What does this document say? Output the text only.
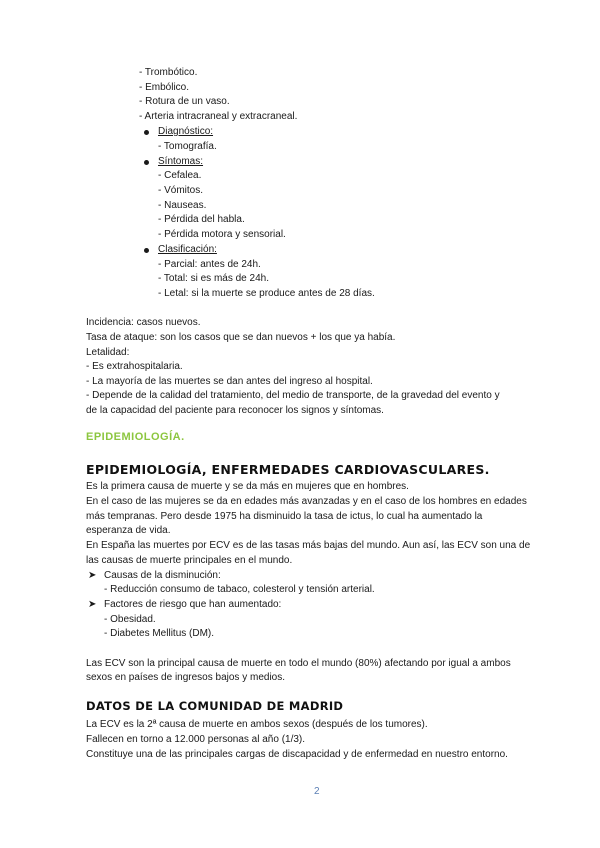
- Trombótico.
- Embólico.
- Rotura de un vaso.
- Arteria intracraneal y extracraneal.
Diagnóstico:
- Tomografía.
Síntomas:
- Cefalea.
- Vómitos.
- Nauseas.
- Pérdida del habla.
- Pérdida motora y sensorial.
Clasificación:
- Parcial: antes de 24h.
- Total: si es más de 24h.
- Letal: si la muerte se produce antes de 28 días.
Incidencia: casos nuevos.
Tasa de ataque: son los casos que se dan nuevos + los que ya había.
Letalidad:
- Es extrahospitalaria.
- La mayoría de las muertes se dan antes del ingreso al hospital.
- Depende de la calidad del tratamiento, del medio de transporte, de la gravedad del evento y
de la capacidad del paciente para reconocer los signos y síntomas.
EPIDEMIOLOGÍA.
EPIDEMIOLOGÍA, ENFERMEDADES CARDIOVASCULARES.
Es la primera causa de muerte y se da más en mujeres que en hombres.
En el caso de las mujeres se da en edades más avanzadas y en el caso de los hombres en edades
más tempranas. Pero desde 1975 ha disminuido la tasa de ictus, lo cual ha aumentado la
esperanza de vida.
En España las muertes por ECV es de las tasas más bajas del mundo. Aun así, las ECV son una de
las causas de muerte principales en el mundo.
➤ Causas de la disminución:
- Reducción consumo de tabaco, colesterol y tensión arterial.
➤ Factores de riesgo que han aumentado:
- Obesidad.
- Diabetes Mellitus (DM).
Las ECV son la principal causa de muerte en todo el mundo (80%) afectando por igual a ambos
sexos en países de ingresos bajos y medios.
DATOS DE LA COMUNIDAD DE MADRID
La ECV es la 2ª causa de muerte en ambos sexos (después de los tumores).
Fallecen en torno a 12.000 personas al año (1/3).
Constituye una de las principales cargas de discapacidad y de enfermedad en nuestro entorno.
2
